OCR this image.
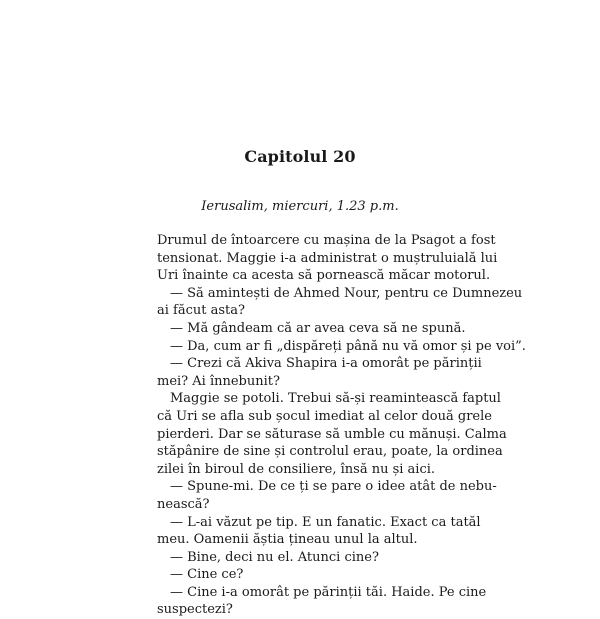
Capitolul 20
Ierusalim, miercuri, 1.23 p.m.
Drumul de întoarcere cu mașina de la Psagot a fost
tensionat. Maggie i-a administrat o muștruluială lui
Uri înainte ca acesta să pornească măcar motorul.
— Să amintești de Ahmed Nour, pentru ce Dumnezeu
ai făcut asta?
— Mă gândeam că ar avea ceva să ne spună.
— Da, cum ar fi „dispăreți până nu vă omor și pe voi”.
— Crezi că Akiva Shapira i-a omorât pe părinții
mei? Ai înnebunit?
Maggie se potoli. Trebui să-și reamintească faptul
că Uri se afla sub șocul imediat al celor două grele
pierderi. Dar se săturase să umble cu mănuși. Calma
stăpânire de sine și controlul erau, poate, la ordinea
zilei în biroul de consiliere, însă nu și aici.
— Spune-mi. De ce ți se pare o idee atât de nebu-
nească?
— L-ai văzut pe tip. E un fanatic. Exact ca tatăl
meu. Oamenii ăștia țineau unul la altul.
— Bine, deci nu el. Atunci cine?
— Cine ce?
— Cine i-a omorât pe părinții tăi. Haide. Pe cine
suspectezi?
